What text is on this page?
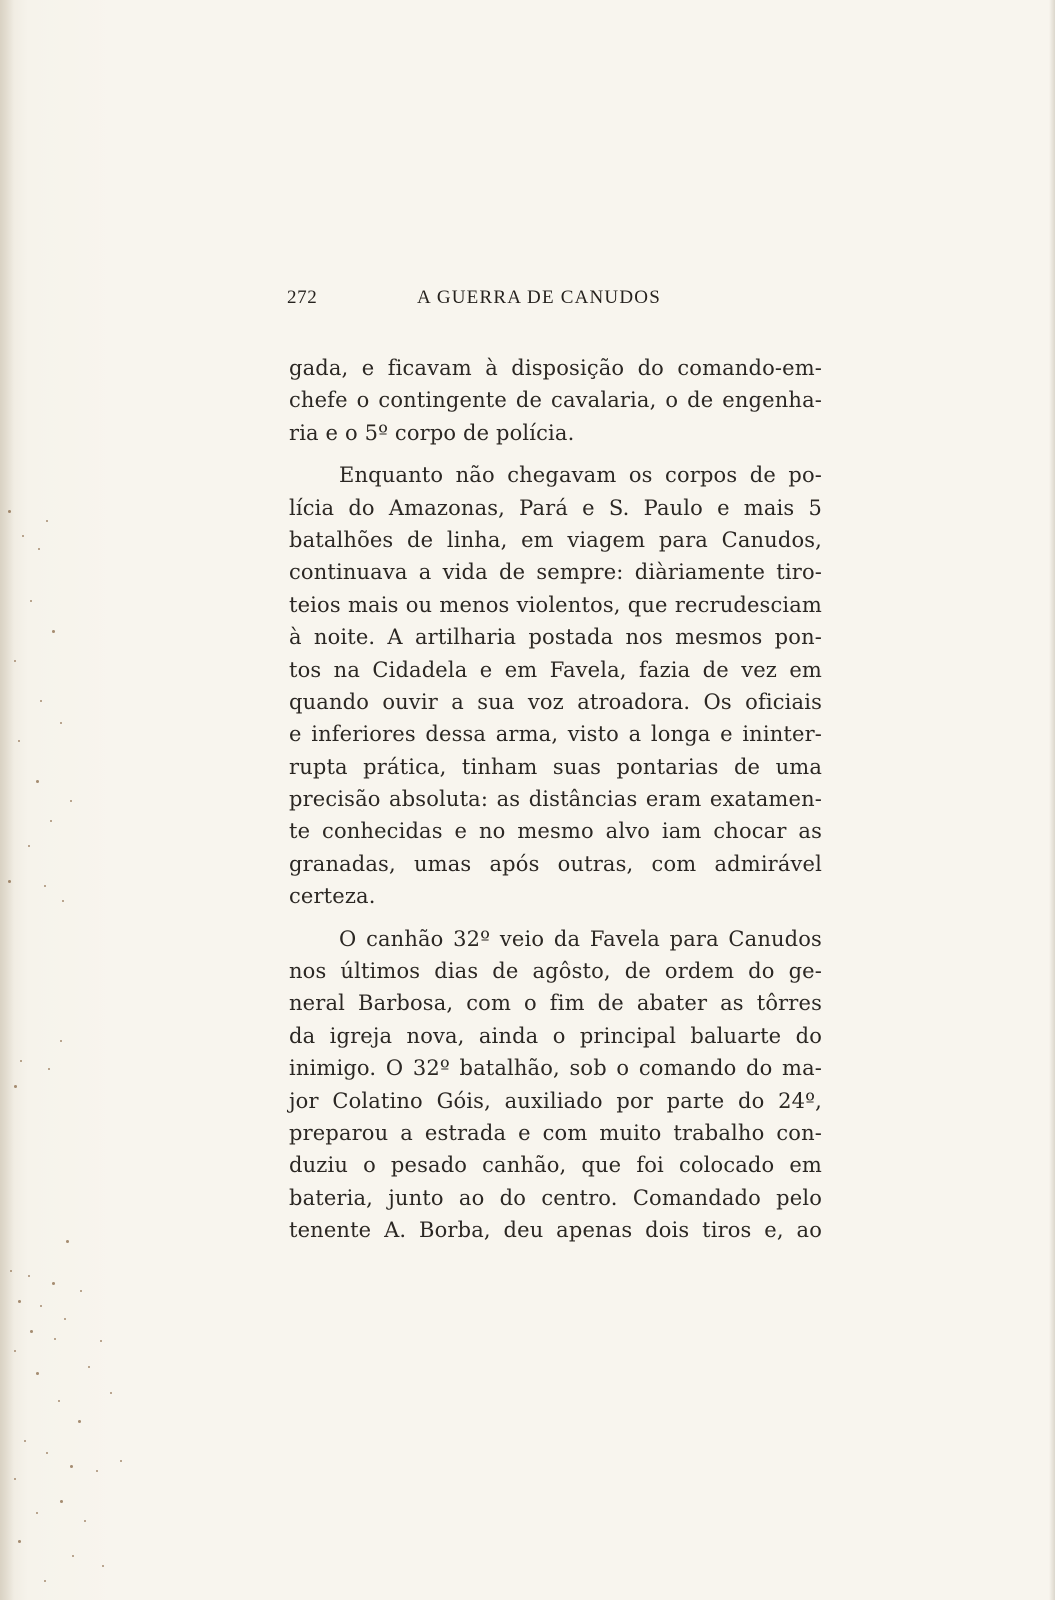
272	A GUERRA DE CANUDOS
gada, e ficavam à disposição do comando-em-
chefe o contingente de cavalaria, o de engenha-
ria e o 5º corpo de polícia.
Enquanto não chegavam os corpos de po-
lícia do Amazonas, Pará e S. Paulo e mais 5
batalhões de linha, em viagem para Canudos,
continuava a vida de sempre: diàriamente tiro-
teios mais ou menos violentos, que recrudesciam
à noite. A artilharia postada nos mesmos pon-
tos na Cidadela e em Favela, fazia de vez em
quando ouvir a sua voz atroadora. Os oficiais
e inferiores dessa arma, visto a longa e ininter-
rupta prática, tinham suas pontarias de uma
precisão absoluta: as distâncias eram exatamen-
te conhecidas e no mesmo alvo iam chocar as
granadas, umas após outras, com admirável
certeza.
O canhão 32º veio da Favela para Canudos
nos últimos dias de agôsto, de ordem do ge-
neral Barbosa, com o fim de abater as tôrres
da igreja nova, ainda o principal baluarte do
inimigo. O 32º batalhão, sob o comando do ma-
jor Colatino Góis, auxiliado por parte do 24º,
preparou a estrada e com muito trabalho con-
duziu o pesado canhão, que foi colocado em
bateria, junto ao do centro. Comandado pelo
tenente A. Borba, deu apenas dois tiros e, ao
